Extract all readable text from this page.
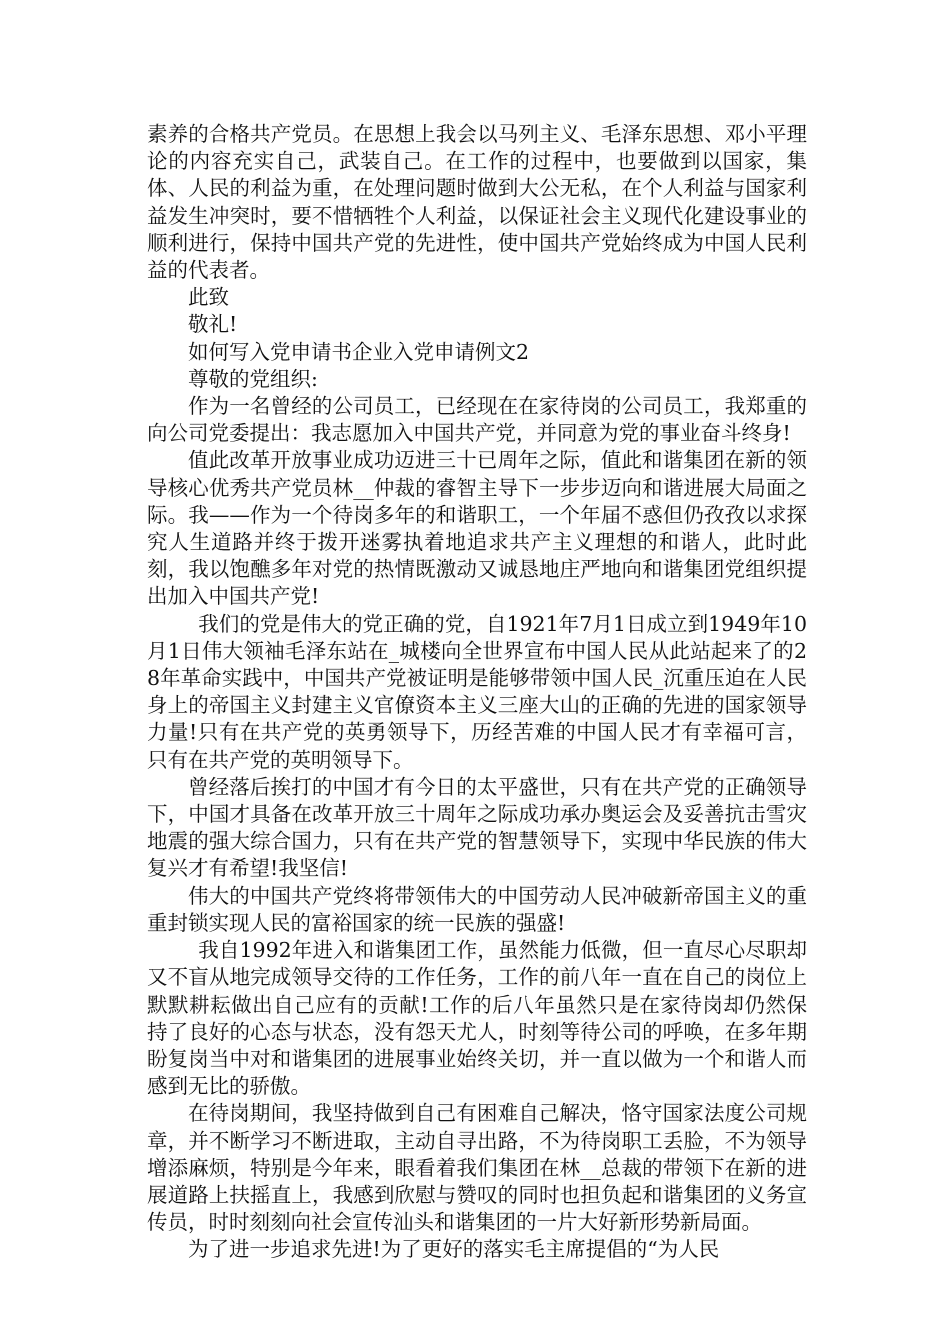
素养的合格共产党员。在思想上我会以马列主义、毛泽东思想、邓小平理论的内容充实自己，武装自己。在工作的过程中，也要做到以国家，集体、人民的利益为重，在处理问题时做到大公无私，在个人利益与国家利益发生冲突时，要不惜牺牲个人利益，以保证社会主义现代化建设事业的顺利进行，保持中国共产党的先进性，使中国共产党始终成为中国人民利益的代表者。

此致

敬礼!

如何写入党申请书企业入党申请例文2

尊敬的党组织:

作为一名曾经的公司员工，已经现在在家待岗的公司员工，我郑重的向公司党委提出：我志愿加入中国共产党，并同意为党的事业奋斗终身!

值此改革开放事业成功迈进三十已周年之际，值此和谐集团在新的领导核心优秀共产党员林__仲裁的睿智主导下一步步迈向和谐进展大局面之际。我——作为一个待岗多年的和谐职工，一个年届不惑但仍孜孜以求探究人生道路并终于拨开迷雾执着地追求共产主义理想的和谐人，此时此刻，我以饱醮多年对党的热情既激动又诚恳地庄严地向和谐集团党组织提出加入中国共产党!

我们的党是伟大的党正确的党，自1921年7月1日成立到1949年10月1日伟大领袖毛泽东站在_城楼向全世界宣布中国人民从此站起来了的28年革命实践中，中国共产党被证明是能够带领中国人民_沉重压迫在人民身上的帝国主义封建主义官僚资本主义三座大山的正确的先进的国家领导力量!只有在共产党的英勇领导下，历经苦难的中国人民才有幸福可言，只有在共产党的英明领导下。

曾经落后挨打的中国才有今日的太平盛世，只有在共产党的正确领导下，中国才具备在改革开放三十周年之际成功承办奥运会及妥善抗击雪灾地震的强大综合国力，只有在共产党的智慧领导下，实现中华民族的伟大复兴才有希望!我坚信!

伟大的中国共产党终将带领伟大的中国劳动人民冲破新帝国主义的重重封锁实现人民的富裕国家的统一民族的强盛!

我自1992年进入和谐集团工作，虽然能力低微，但一直尽心尽职却又不盲从地完成领导交待的工作任务，工作的前八年一直在自己的岗位上默默耕耘做出自己应有的贡献!工作的后八年虽然只是在家待岗却仍然保持了良好的心态与状态，没有怨天尤人，时刻等待公司的呼唤，在多年期盼复岗当中对和谐集团的进展事业始终关切，并一直以做为一个和谐人而感到无比的骄傲。

在待岗期间，我坚持做到自己有困难自己解决，恪守国家法度公司规章，并不断学习不断进取，主动自寻出路，不为待岗职工丢脸，不为领导增添麻烦，特别是今年来，眼看着我们集团在林__总裁的带领下在新的进展道路上扶摇直上，我感到欣慰与赞叹的同时也担负起和谐集团的义务宣传员，时时刻刻向社会宣传汕头和谐集团的一片大好新形势新局面。

为了进一步追求先进!为了更好的落实毛主席提倡的“为人民
